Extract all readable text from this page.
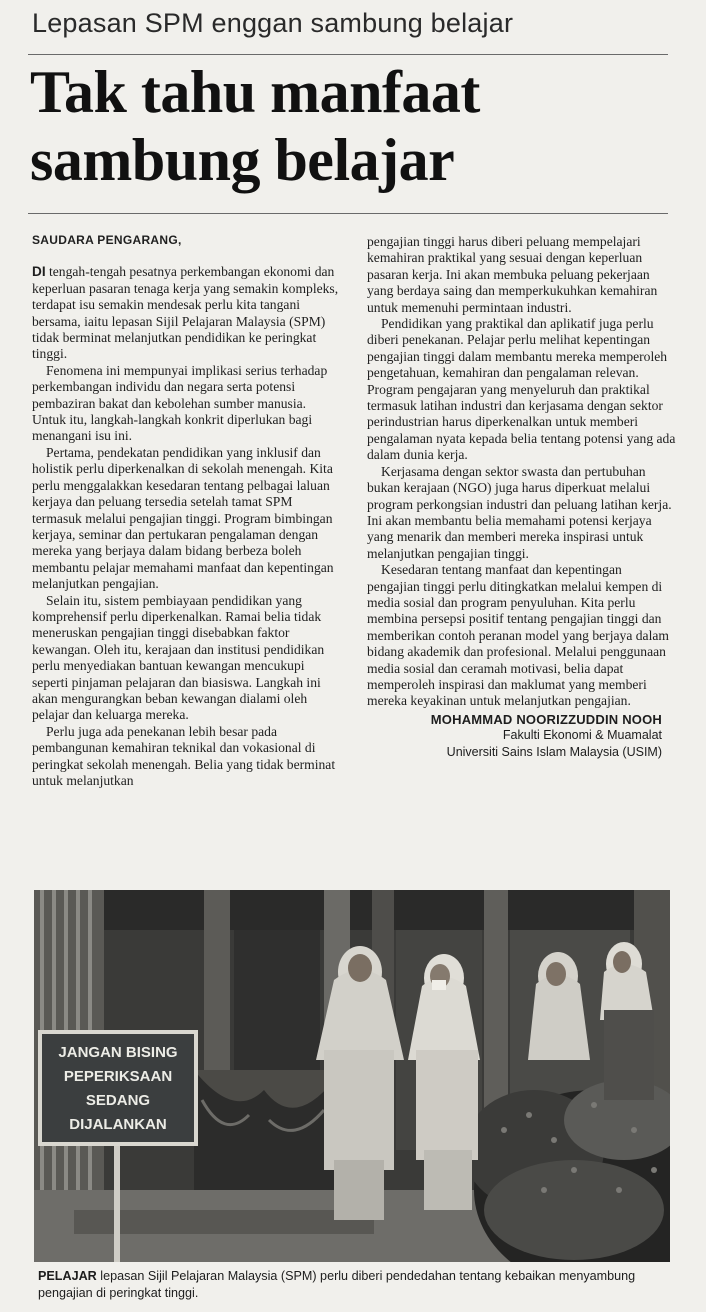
Lepasan SPM enggan sambung belajar
Tak tahu manfaat sambung belajar

SAUDARA PENGARANG,

DI tengah-tengah pesatnya perkembangan ekonomi dan keperluan pasaran tenaga kerja yang semakin kompleks, terdapat isu semakin mendesak perlu kita tangani bersama, iaitu lepasan Sijil Pelajaran Malaysia (SPM) tidak berminat melanjutkan pendidikan ke peringkat tinggi.

Fenomena ini mempunyai implikasi serius terhadap perkembangan individu dan negara serta potensi pembaziran bakat dan kebolehan sumber manusia. Untuk itu, langkah-langkah konkrit diperlukan bagi menangani isu ini.

Pertama, pendekatan pendidikan yang inklusif dan holistik perlu diperkenalkan di sekolah menengah. Kita perlu menggalakkan kesedaran tentang pelbagai laluan kerjaya dan peluang tersedia setelah tamat SPM termasuk melalui pengajian tinggi. Program bimbingan kerjaya, seminar dan pertukaran pengalaman dengan mereka yang berjaya dalam bidang berbeza boleh membantu pelajar memahami manfaat dan kepentingan melanjutkan pengajian.

Selain itu, sistem pembiayaan pendidikan yang komprehensif perlu diperkenalkan. Ramai belia tidak meneruskan pengajian tinggi disebabkan faktor kewangan. Oleh itu, kerajaan dan institusi pendidikan perlu menyediakan bantuan kewangan mencukupi seperti pinjaman pelajaran dan biasiswa. Langkah ini akan mengurangkan beban kewangan dialami oleh pelajar dan keluarga mereka.

Perlu juga ada penekanan lebih besar pada pembangunan kemahiran teknikal dan vokasional di peringkat sekolah menengah. Belia yang tidak berminat untuk melanjutkan

pengajian tinggi harus diberi peluang mempelajari kemahiran praktikal yang sesuai dengan keperluan pasaran kerja. Ini akan membuka peluang pekerjaan yang berdaya saing dan memperkukuhkan kemahiran untuk memenuhi permintaan industri.

Pendidikan yang praktikal dan aplikatif juga perlu diberi penekanan. Pelajar perlu melihat kepentingan pengajian tinggi dalam membantu mereka memperoleh pengetahuan, kemahiran dan pengalaman relevan. Program pengajaran yang menyeluruh dan praktikal termasuk latihan industri dan kerjasama dengan sektor perindustrian harus diperkenalkan untuk memberi pengalaman nyata kepada belia tentang potensi yang ada dalam dunia kerja.

Kerjasama dengan sektor swasta dan pertubuhan bukan kerajaan (NGO) juga harus diperkuat melalui program perkongsian industri dan peluang latihan kerja. Ini akan membantu belia memahami potensi kerjaya yang menarik dan memberi mereka inspirasi untuk melanjutkan pengajian tinggi.

Kesedaran tentang manfaat dan kepentingan pengajian tinggi perlu ditingkatkan melalui kempen di media sosial dan program penyuluhan. Kita perlu membina persepsi positif tentang pengajian tinggi dan memberikan contoh peranan model yang berjaya dalam bidang akademik dan profesional. Melalui penggunaan media sosial dan ceramah motivasi, belia dapat memperoleh inspirasi dan maklumat yang memberi mereka keyakinan untuk melanjutkan pengajian.

MOHAMMAD NOORIZZUDDIN NOOH
Fakulti Ekonomi & Muamalat
Universiti Sains Islam Malaysia (USIM)
JANGAN BISING
PEPERIKSAAN
SEDANG
DIJALANKAN
PELAJAR lepasan Sijil Pelajaran Malaysia (SPM) perlu diberi pendedahan tentang kebaikan menyambung pengajian di peringkat tinggi.
